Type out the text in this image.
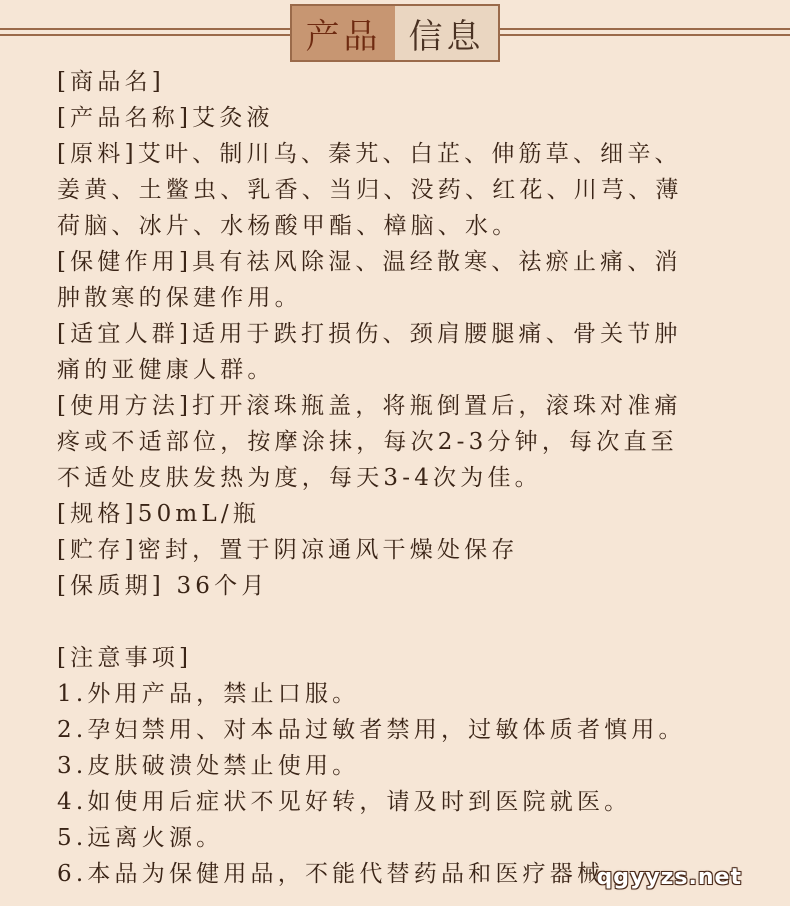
产品 信息
[商品名]
[产品名称]艾灸液
[原料]艾叶、制川乌、秦艽、白芷、伸筋草、细辛、
姜黄、土鳖虫、乳香、当归、没药、红花、川芎、薄
荷脑、冰片、水杨酸甲酯、樟脑、水。
[保健作用]具有祛风除湿、温经散寒、祛瘀止痛、消
肿散寒的保建作用。
[适宜人群]适用于跌打损伤、颈肩腰腿痛、骨关节肿
痛的亚健康人群。
[使用方法]打开滚珠瓶盖，将瓶倒置后，滚珠对准痛
疼或不适部位，按摩涂抹，每次2-3分钟，每次直至
不适处皮肤发热为度，每天3-4次为佳。
[规格]50mL/瓶
[贮存]密封，置于阴凉通风干燥处保存
[保质期] 36个月
[注意事项]
1.外用产品，禁止口服。
2.孕妇禁用、对本品过敏者禁用，过敏体质者慎用。
3.皮肤破溃处禁止使用。
4.如使用后症状不见好转，请及时到医院就医。
5.远离火源。
6.本品为保健用品，不能代替药品和医疗器械
qgyyzs.net
